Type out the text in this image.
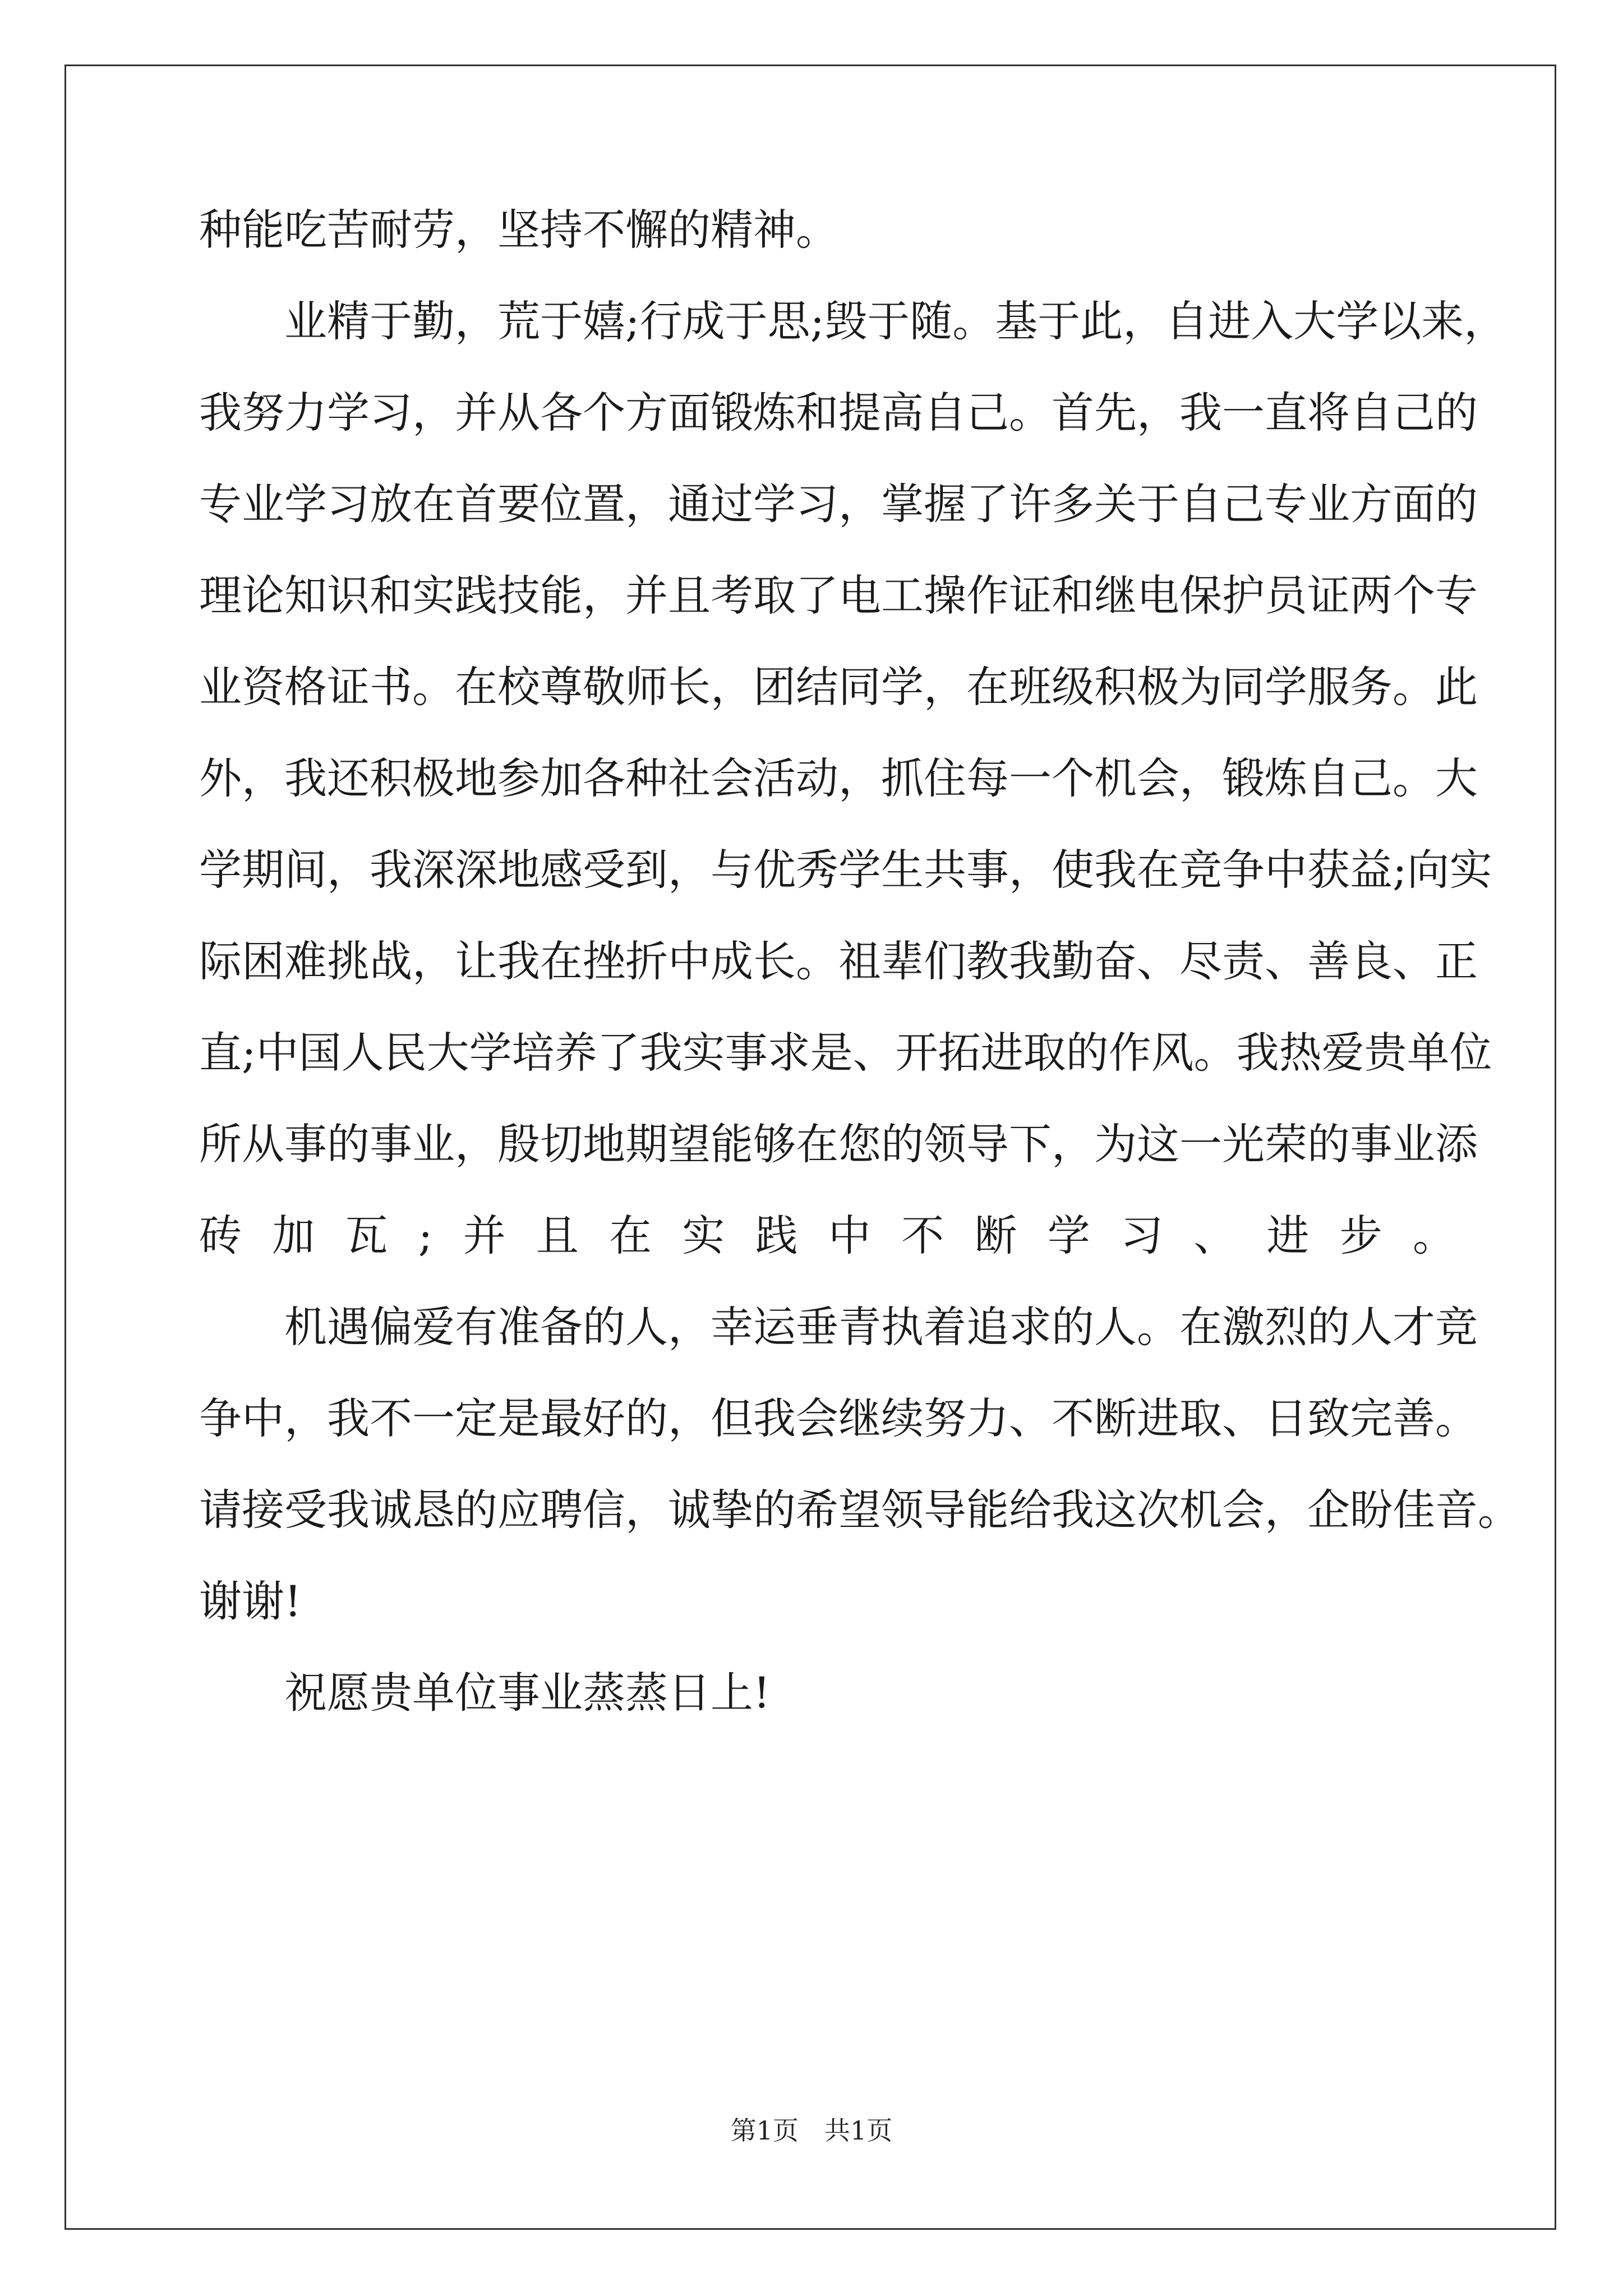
种能吃苦耐劳，坚持不懈的精神。
业精于勤，荒于嬉;行成于思;毁于随。基于此，自进入大学以来，
我努力学习，并从各个方面锻炼和提高自己。首先，我一直将自己的
专业学习放在首要位置，通过学习，掌握了许多关于自己专业方面的
理论知识和实践技能，并且考取了电工操作证和继电保护员证两个专
业资格证书。在校尊敬师长，团结同学，在班级积极为同学服务。此
外，我还积极地参加各种社会活动，抓住每一个机会，锻炼自己。大
学期间，我深深地感受到，与优秀学生共事，使我在竞争中获益;向实
际困难挑战，让我在挫折中成长。祖辈们教我勤奋、尽责、善良、正
直;中国人民大学培养了我实事求是、开拓进取的作风。我热爱贵单位
所从事的事业，殷切地期望能够在您的领导下，为这一光荣的事业添
砖加瓦;并且在实践中不断学习、进步。
机遇偏爱有准备的人，幸运垂青执着追求的人。在激烈的人才竞
争中，我不一定是最好的，但我会继续努力、不断进取、日致完善。
请接受我诚恳的应聘信，诚挚的希望领导能给我这次机会，企盼佳音。
谢谢!
祝愿贵单位事业蒸蒸日上!
第1页　共1页
